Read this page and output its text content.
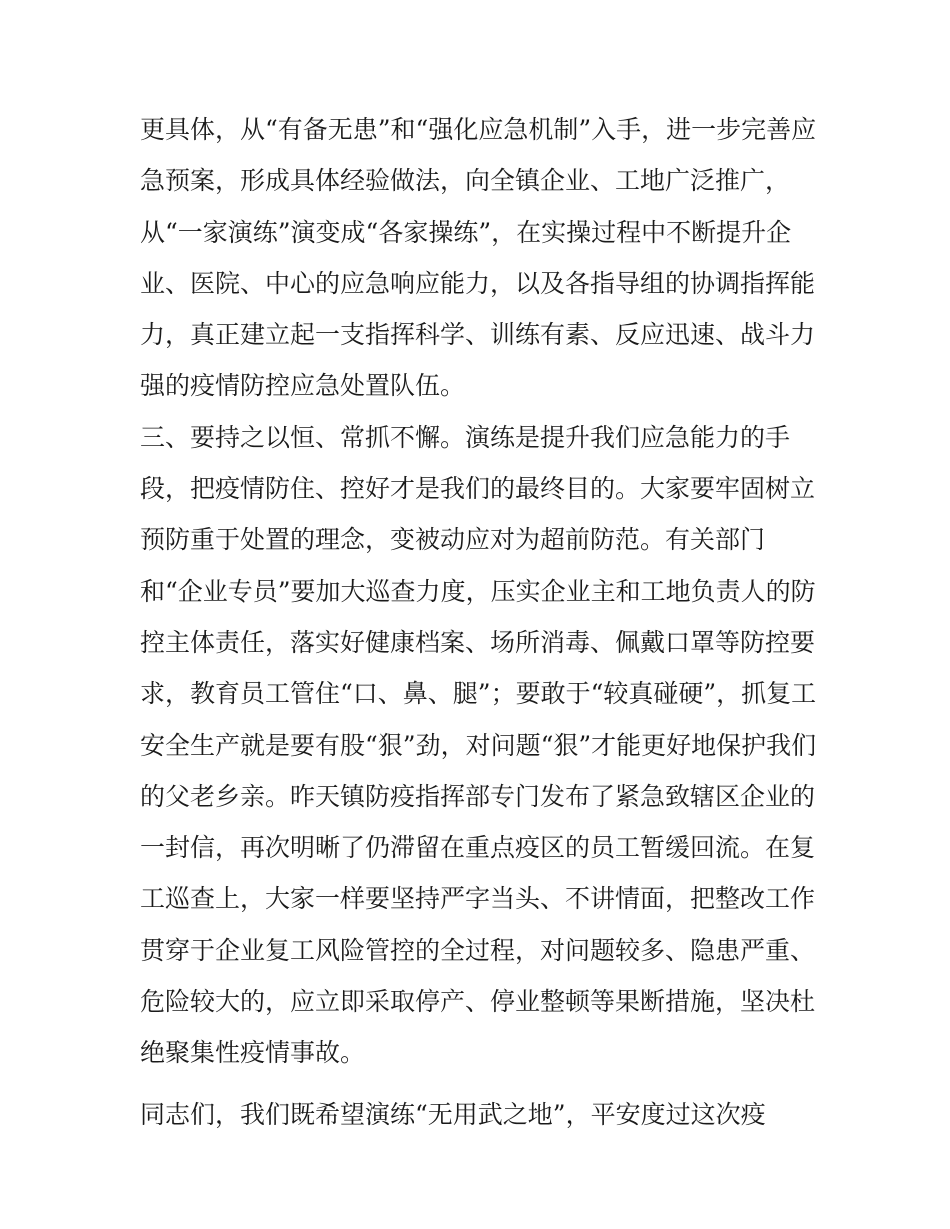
更具体，从“有备无患”和“强化应急机制”入手，进一步完善应
急预案，形成具体经验做法，向全镇企业、工地广泛推广，
从“一家演练”演变成“各家操练”，在实操过程中不断提升企
业、医院、中心的应急响应能力，以及各指导组的协调指挥能
力，真正建立起一支指挥科学、训练有素、反应迅速、战斗力
强的疫情防控应急处置队伍。
三、要持之以恒、常抓不懈。演练是提升我们应急能力的手
段，把疫情防住、控好才是我们的最终目的。大家要牢固树立
预防重于处置的理念，变被动应对为超前防范。有关部门
和“企业专员”要加大巡查力度，压实企业主和工地负责人的防
控主体责任，落实好健康档案、场所消毒、佩戴口罩等防控要
求，教育员工管住“口、鼻、腿”；要敢于“较真碰硬”，抓复工
安全生产就是要有股“狠”劲，对问题“狠”才能更好地保护我们
的父老乡亲。昨天镇防疫指挥部专门发布了紧急致辖区企业的
一封信，再次明晰了仍滞留在重点疫区的员工暂缓回流。在复
工巡查上，大家一样要坚持严字当头、不讲情面，把整改工作
贯穿于企业复工风险管控的全过程，对问题较多、隐患严重、
危险较大的，应立即采取停产、停业整顿等果断措施，坚决杜
绝聚集性疫情事故。
同志们，我们既希望演练“无用武之地”，平安度过这次疫
